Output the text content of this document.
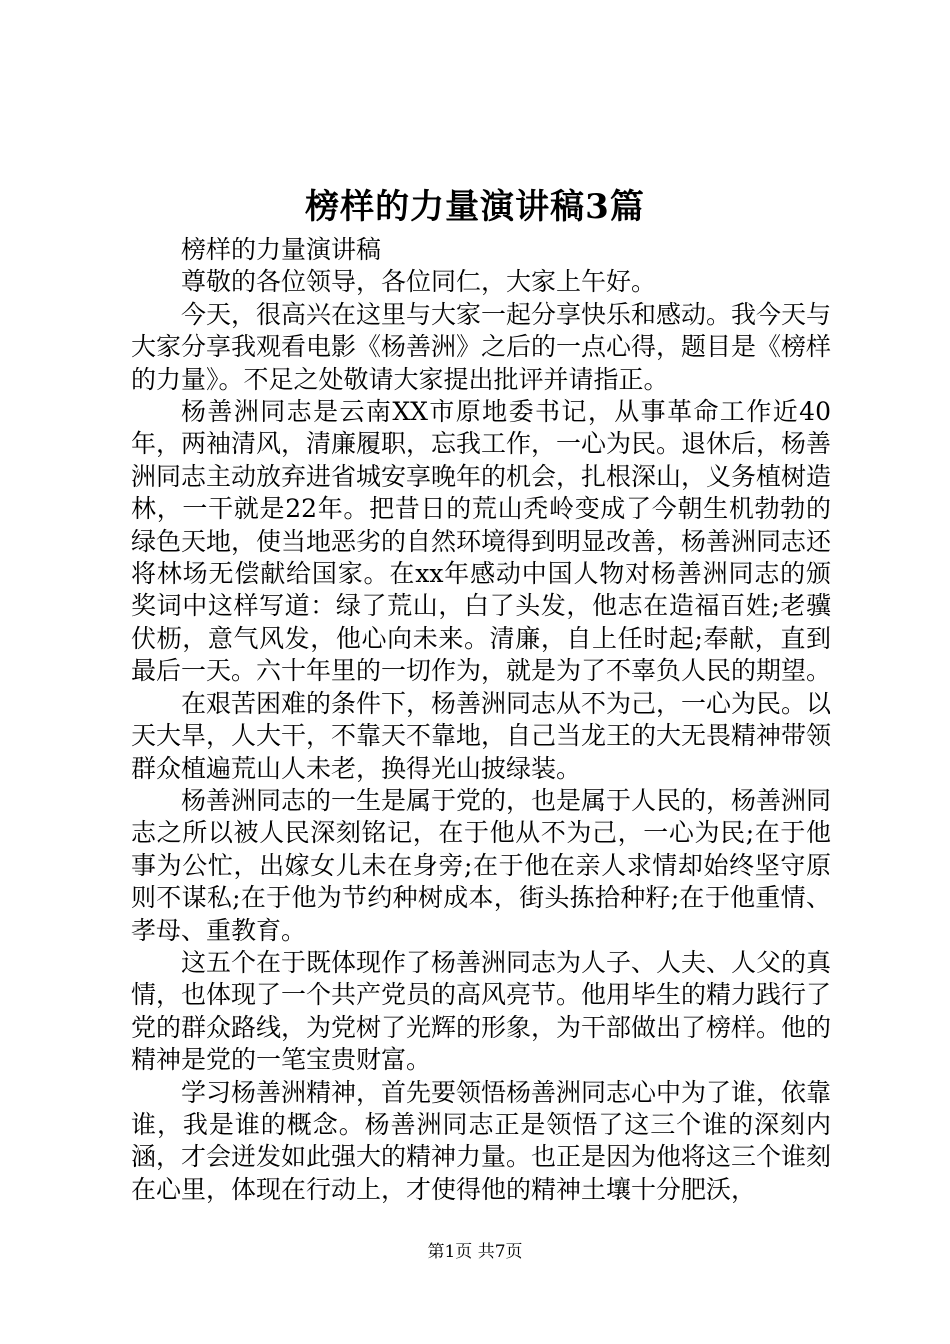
榜样的力量演讲稿3篇

榜样的力量演讲稿

尊敬的各位领导，各位同仁，大家上午好。

今天，很高兴在这里与大家一起分享快乐和感动。我今天与大家分享我观看电影《杨善洲》之后的一点心得，题目是《榜样的力量》。不足之处敬请大家提出批评并请指正。

杨善洲同志是云南XX市原地委书记，从事革命工作近40年，两袖清风，清廉履职，忘我工作，一心为民。退休后，杨善洲同志主动放弃进省城安享晚年的机会，扎根深山，义务植树造林，一干就是22年。把昔日的荒山秃岭变成了今朝生机勃勃的绿色天地，使当地恶劣的自然环境得到明显改善，杨善洲同志还将林场无偿献给国家。在xx年感动中国人物对杨善洲同志的颁奖词中这样写道：绿了荒山，白了头发，他志在造福百姓;老骥伏枥，意气风发，他心向未来。清廉，自上任时起;奉献，直到最后一天。六十年里的一切作为，就是为了不辜负人民的期望。

在艰苦困难的条件下，杨善洲同志从不为己，一心为民。以天大旱，人大干，不靠天不靠地，自己当龙王的大无畏精神带领群众植遍荒山人未老，换得光山披绿装。

杨善洲同志的一生是属于党的，也是属于人民的，杨善洲同志之所以被人民深刻铭记，在于他从不为己，一心为民;在于他事为公忙，出嫁女儿未在身旁;在于他在亲人求情却始终坚守原则不谋私;在于他为节约种树成本，街头拣拾种籽;在于他重情、孝母、重教育。

这五个在于既体现作了杨善洲同志为人子、人夫、人父的真情，也体现了一个共产党员的高风亮节。他用毕生的精力践行了党的群众路线，为党树了光辉的形象，为干部做出了榜样。他的精神是党的一笔宝贵财富。

学习杨善洲精神，首先要领悟杨善洲同志心中为了谁，依靠谁，我是谁的概念。杨善洲同志正是领悟了这三个谁的深刻内涵，才会迸发如此强大的精神力量。也正是因为他将这三个谁刻在心里，体现在行动上，才使得他的精神土壤十分肥沃，

第1页 共7页
